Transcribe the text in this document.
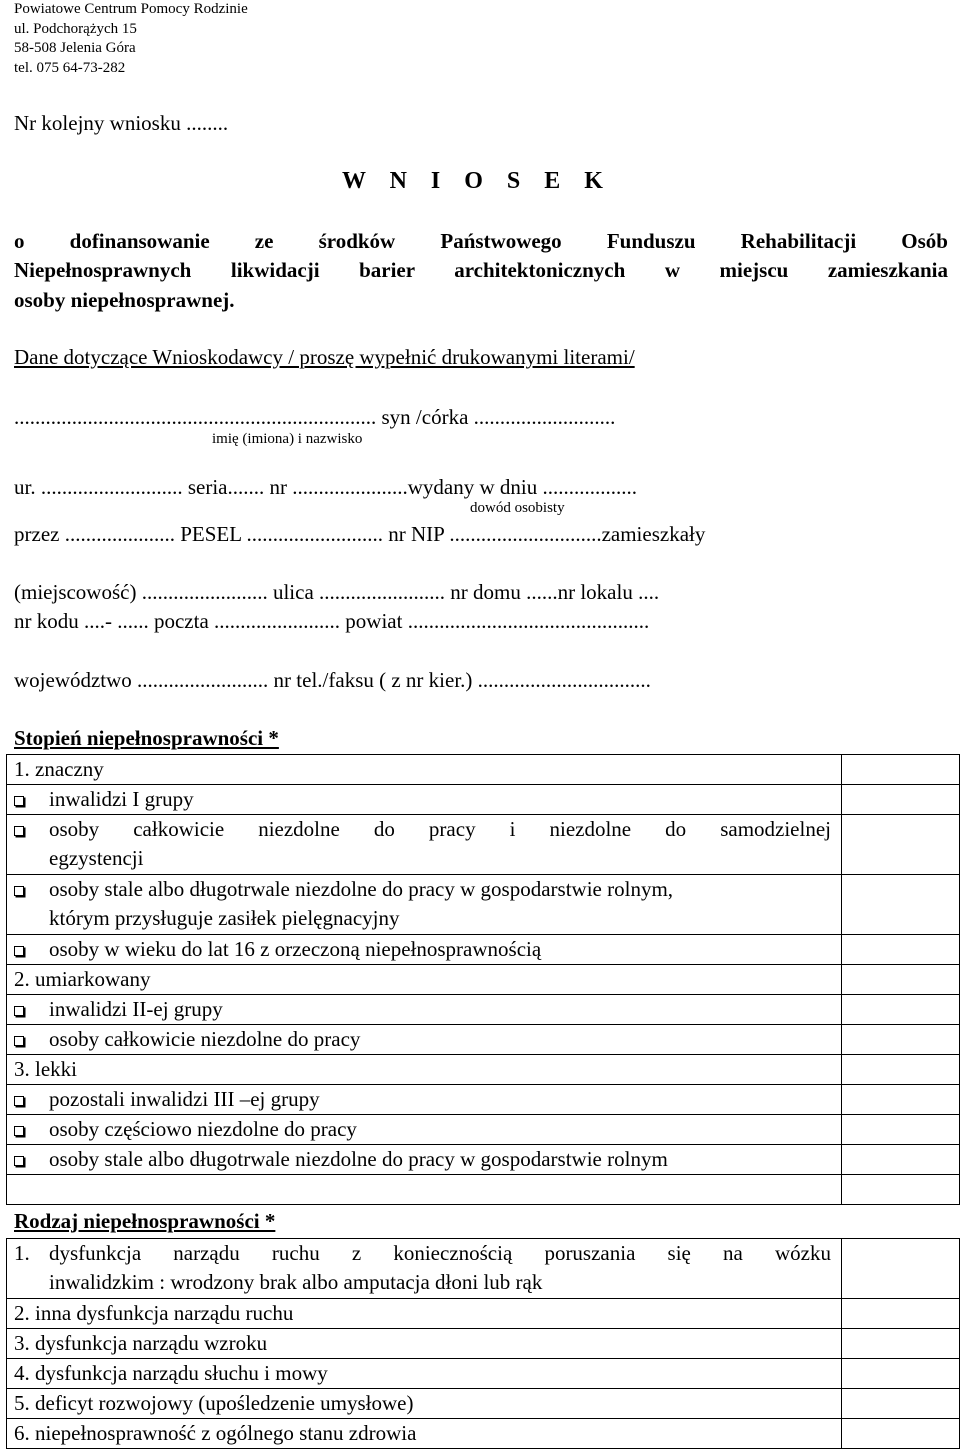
Powiatowe Centrum Pomocy Rodzinie
ul. Podchorążych 15
58-508 Jelenia Góra
tel. 075 64-73-282
Nr kolejny wniosku ........
W N I O S E K
o dofinansowanie ze środków Państwowego Funduszu Rehabilitacji Osób
Niepełnosprawnych likwidacji barier architektonicznych w miejscu zamieszkania
osoby niepełnosprawnej.
Dane dotyczące Wnioskodawcy / proszę wypełnić drukowanymi literami/
..................................................................... syn /córka ...........................
imię (imiona) i nazwisko
ur. ........................... seria....... nr ......................wydany w dniu ..................
dowód osobisty
przez ..................... PESEL .......................... nr NIP .............................zamieszkały
(miejscowość) ........................ ulica ........................ nr domu ......nr lokalu ....
nr kodu ....- ...... poczta ........................ powiat ..............................................
województwo ......................... nr tel./faksu ( z nr kier.) .................................
Stopień niepełnosprawności *

1. znaczny
inwalidzi I grupy
osoby całkowicie niezdolne do pracy i niezdolne do samodzielnej
egzystencji
osoby stale albo długotrwale niezdolne do pracy w gospodarstwie rolnym,
którym przysługuje zasiłek pielęgnacyjny
osoby w wieku do lat 16 z orzeczoną niepełnosprawnością
2. umiarkowany
inwalidzi II-ej grupy
osoby całkowicie niezdolne do pracy
3. lekki
pozostali inwalidzi III –ej grupy
osoby częściowo niezdolne do pracy
osoby stale albo długotrwale niezdolne do pracy w gospodarstwie rolnym
Rodzaj niepełnosprawności *

1. dysfunkcja narządu ruchu z koniecznością poruszania się na wózku
inwalidzkim : wrodzony brak albo amputacja dłoni lub rąk
2. inna dysfunkcja narządu ruchu
3. dysfunkcja narządu wzroku
4. dysfunkcja narządu słuchu i mowy
5. deficyt rozwojowy (upośledzenie umysłowe)
6. niepełnosprawność z ogólnego stanu zdrowia
